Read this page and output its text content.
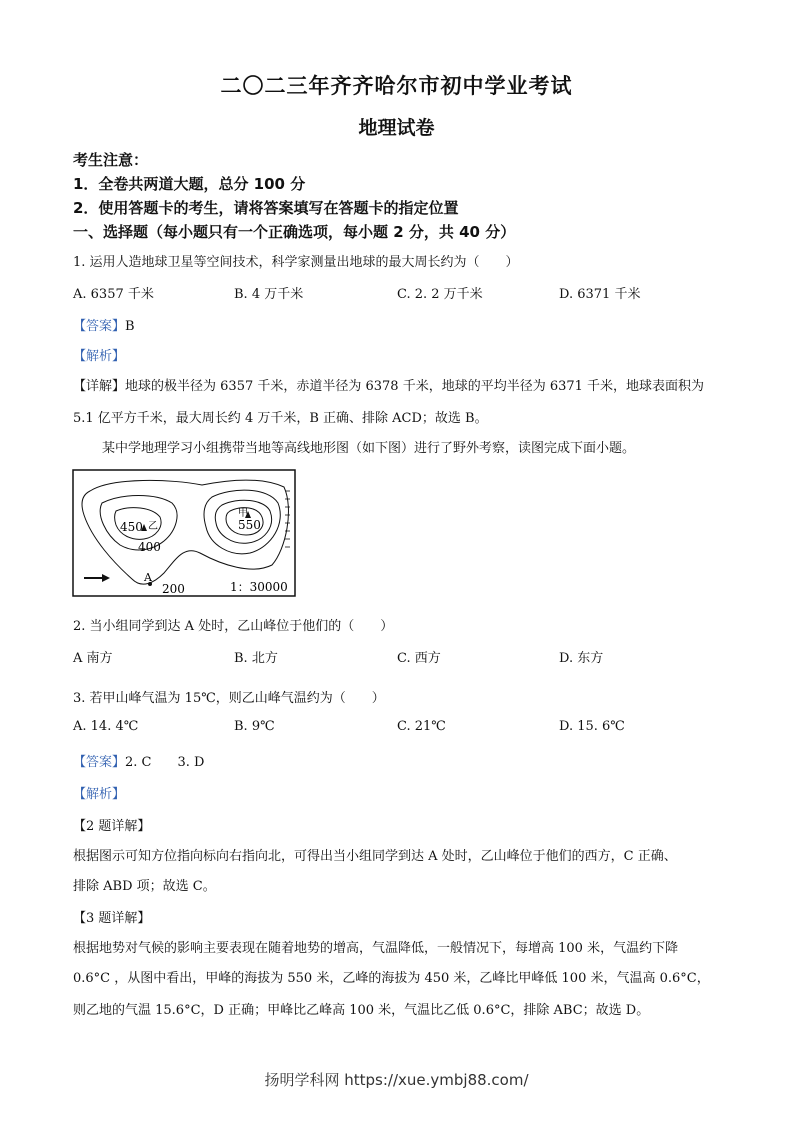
二〇二三年齐齐哈尔市初中学业考试
地理试卷
考生注意：
1．全卷共两道大题，总分 100 分
2．使用答题卡的考生，请将答案填写在答题卡的指定位置
一、选择题（每小题只有一个正确选项，每小题 2 分，共 40 分）
1. 运用人造地球卫星等空间技术，科学家测量出地球的最大周长约为（　　）
A. 6357 千米	B. 4 万千米	C. 2. 2 万千米	D. 6371 千米
【答案】B
【解析】
【详解】地球的极半径为 6357 千米，赤道半径为 6378 千米，地球的平均半径为 6371 千米，地球表面积为
5.1 亿平方千米，最大周长约 4 万千米，B 正确、排除 ACD；故选 B。
某中学地理学习小组携带当地等高线地形图（如下图）进行了野外考察，读图完成下面小题。
450 乙
甲
550
400
A
200	1：30000
2. 当小组同学到达 A 处时，乙山峰位于他们的（　　）
A 南方	B. 北方	C. 西方	D. 东方
3. 若甲山峰气温为 15℃，则乙山峰气温约为（　　）
A. 14. 4℃	B. 9℃	C. 21℃	D. 15. 6℃
【答案】2. C　　3. D
【解析】
【2 题详解】
根据图示可知方位指向标向右指向北，可得出当小组同学到达 A 处时，乙山峰位于他们的西方，C 正确、
排除 ABD 项；故选 C。
【3 题详解】
根据地势对气候的影响主要表现在随着地势的增高，气温降低，一般情况下，每增高 100 米，气温约下降
0.6°C ，从图中看出，甲峰的海拔为 550 米，乙峰的海拔为 450 米，乙峰比甲峰低 100 米，气温高 0.6°C，
则乙地的气温 15.6°C，D 正确；甲峰比乙峰高 100 米，气温比乙低 0.6°C，排除 ABC；故选 D。
扬明学科网 https://xue.ymbj88.com/
